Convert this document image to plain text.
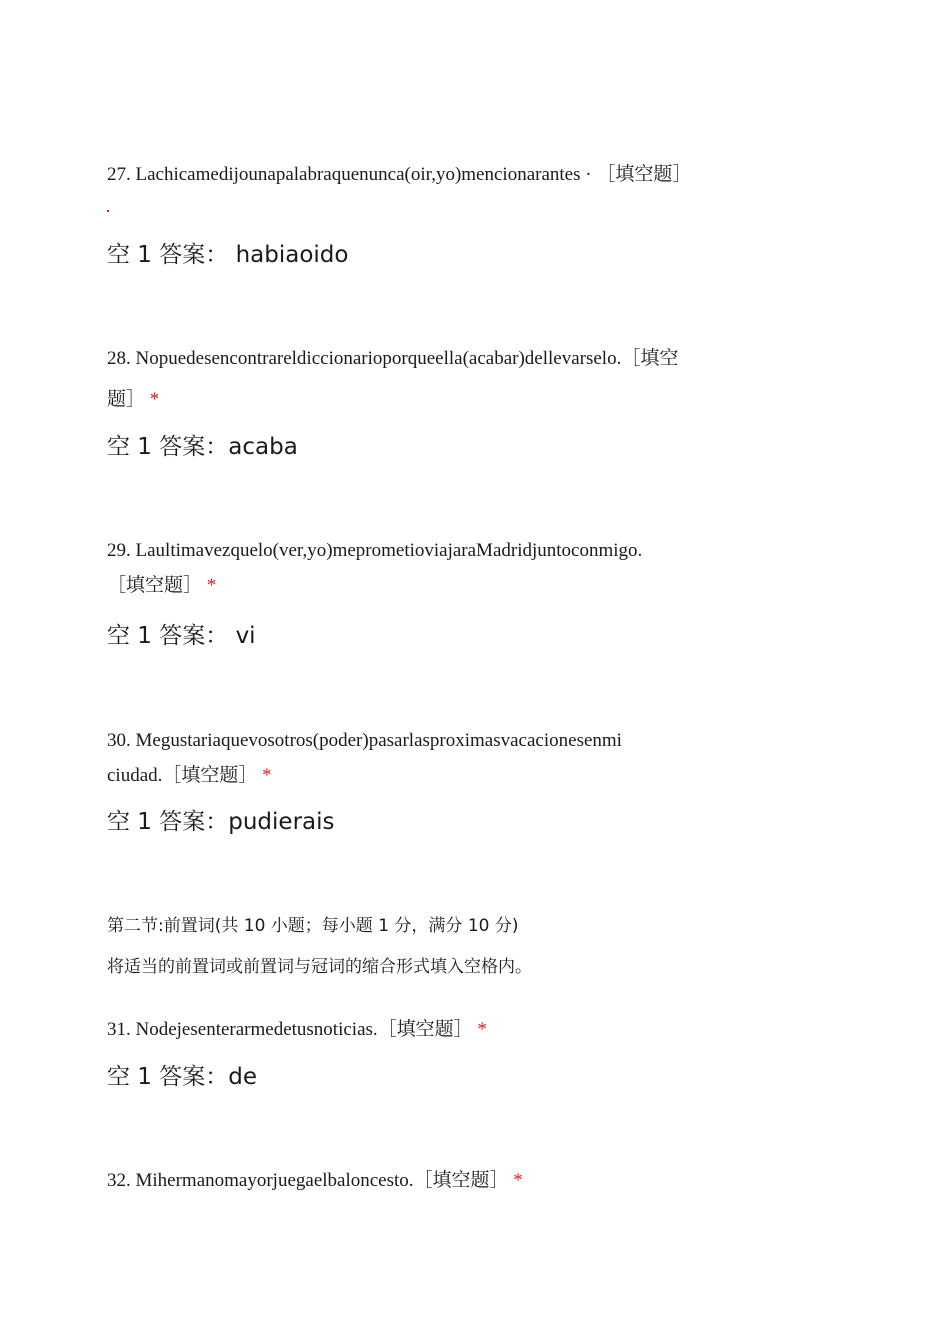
27. Lachicamedijounapalabraquenunca(oir,yo)mencionarantes · ［填空题］
空 1 答案： habiaoido
28. Nopuedesencontrareldiccionarioporqueella(acabar)dellevarselo.［填空
题］ *
空 1 答案：acaba
29. Laultimavezquelo(ver,yo)meprometioviajaraMadridjuntoconmigo.
［填空题］ *
空 1 答案： vi
30. Megustariaquevosotros(poder)pasarlasproximasvacacionesenmi
ciudad.［填空题］ *
空 1 答案：pudierais
第二节:前置词(共 10 小题；每小题 1 分，满分 10 分)
将适当的前置词或前置词与冠词的缩合形式填入空格内。
31. Nodejesenterarmedetusnoticias.［填空题］ *
空 1 答案：de
32. Mihermanomayorjuegaelbaloncesto.［填空题］ *
